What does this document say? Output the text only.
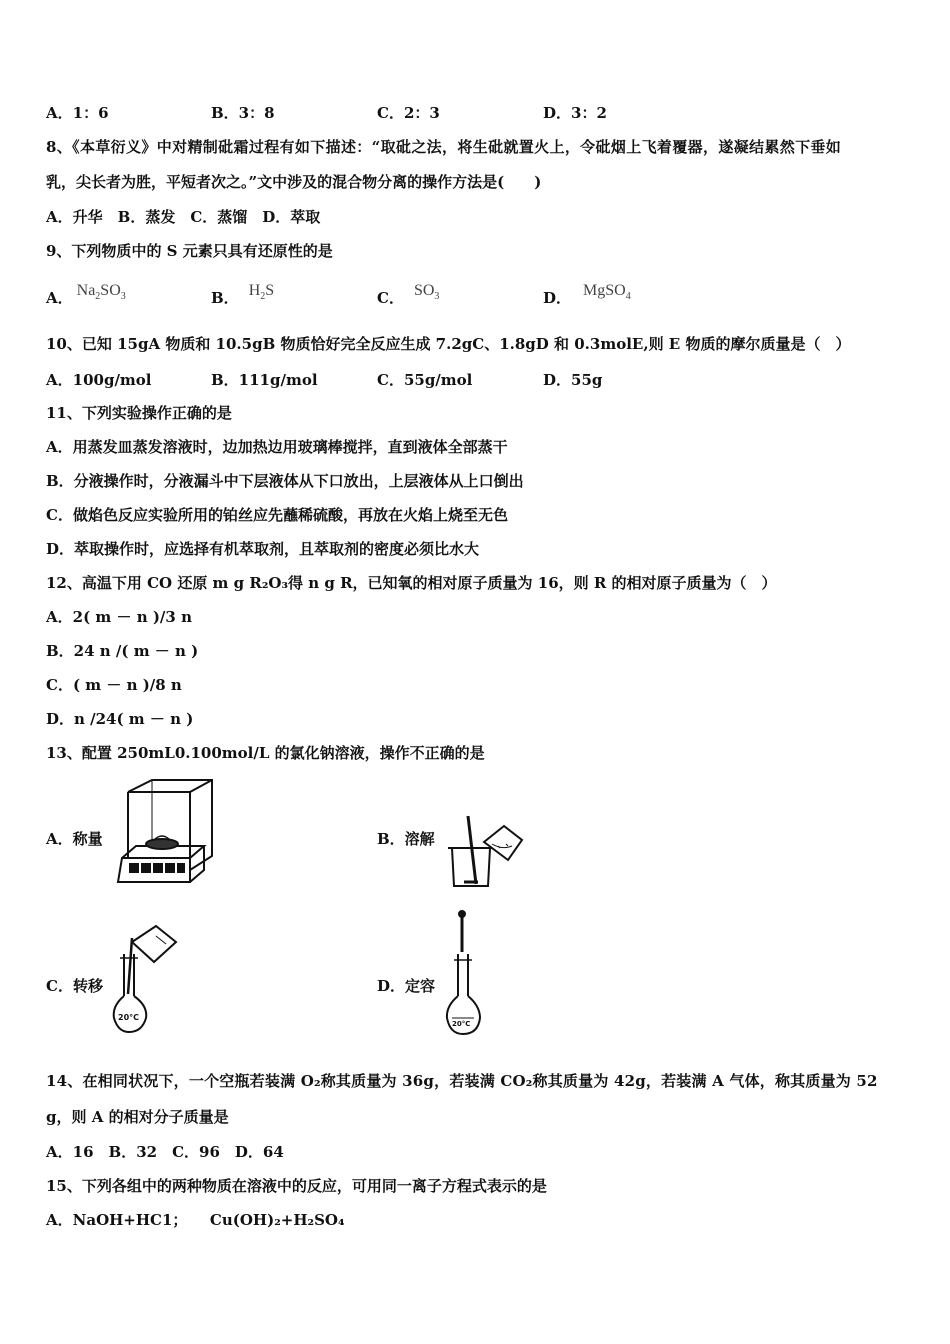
A．1：6	B．3：8	C．2：3	D．3：2
8、《本草衍义》中对精制砒霜过程有如下描述：“取砒之法，将生砒就置火上，令砒烟上飞着覆器，遂凝结累然下垂如
乳，尖长者为胜，平短者次之。”文中涉及的混合物分离的操作方法是(　　)
A．升华　B．蒸发　C．蒸馏　D．萃取
9、下列物质中的 S 元素只具有还原性的是
A． $Na_2SO_3$	B． $H_2S$	C． $SO_3$	D． MgSO$_4$
10、已知 15gA 物质和 10.5gB 物质恰好完全反应生成 7.2gC、1.8gD 和 0.3molE,则 E 物质的摩尔质量是（　）
A．100g/mol	B．111g/mol	C．55g/mol	D．55g
11、下列实验操作正确的是
A．用蒸发皿蒸发溶液时，边加热边用玻璃棒搅拌，直到液体全部蒸干
B．分液操作时，分液漏斗中下层液体从下口放出，上层液体从上口倒出
C．做焰色反应实验所用的铂丝应先蘸稀硫酸，再放在火焰上烧至无色
D．萃取操作时，应选择有机萃取剂，且萃取剂的密度必须比水大
12、高温下用 CO 还原 m g R₂O₃得 n g R，已知氧的相对原子质量为 16，则 R 的相对原子质量为（　）
A．2( m － n )/3 n
B．24 n /( m － n )
C．( m － n )/8 n
D．n /24( m － n )
13、配置 250mL0.100mol/L 的氯化钠溶液，操作不正确的是
A．称量	B．溶解
C．转移
20°C
D．定容
20°C
14、在相同状况下，一个空瓶若装满 O₂称其质量为 36g，若装满 CO₂称其质量为 42g，若装满 A 气体，称其质量为 52
g，则 A 的相对分子质量是
A．16　B．32　C．96　D．64
15、下列各组中的两种物质在溶液中的反应，可用同一离子方程式表示的是
A．NaOH+HC1；　　Cu(OH)₂+H₂SO₄
